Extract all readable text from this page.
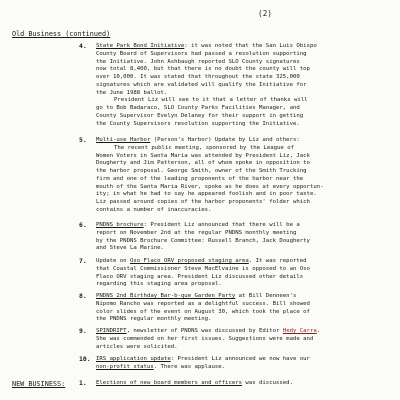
(2)
Old Business (continued)
4. State Park Bond Initiative: it was noted that the San Luis Obispo
County Board of Supervisors had passed a resolution supporting
the Initiative. John Ashbaugh reported SLO County signatures
now total 8,400, but that there is no doubt the county will top
over 10,000. It was stated that throughout the state 325,000
signatures which are validated will qualify the Initiative for
the June 1988 ballot.
President Liz will see to it that a letter of thanks will
go to Bob Badaraco, SLO County Parks Facilities Manager, and
County Supervisor Evelyn Delaney for their support in getting
the County Supervisors resolution supporting the Initiative.
5. Multi-use Harbor (Parson's Harbor) Update by Liz and others:
The recent public meeting, sponsored by the League of
Women Voters in Santa Maria was attended by President Liz, Jack
Dougherty and Jim Patterson, all of whom spoke in opposition to
the harbor proposal. George Smith, owner of the Smith Trucking
firm and one of the leading proponents of the harbor near the
mouth of the Santa Maria River, spoke as he does at every opportun-
ity; in what he had to say he appeared foolish and in poor taste.
Liz passed around copies of the harbor proponents' folder which
contains a number of inaccuracies.
6. PNDNS brochure: President Liz announced that there will be a
report on November 2nd at the regular PNDNS monthly meeting
by the PNDNS Brochure Committee: Russell Branch, Jack Dougherty
and Steve La Marine.
7. Update on Oso Flaco ORV proposed staging area. It was reported
that Coastal Commissioner Steve MacElvaine is opposed to an Oso
Flaco ORV staging area. President Liz discussed other details
regarding this staging area proposal.
8. PNDNS 2nd Birthday Bar-b-que Garden Party at Bill Denneen's
Nipomo Rancho was reported as a delightful success. Bill showed
color slides of the event on August 30, which took the place of
the PNDNS regular monthly meeting.
9. SPINDRIFT, newsletter of PNDNS was discussed by Editor Hedy Carra.
She was commended on her first issues. Suggestions were made and
articles were solicited.
10. IRS application update: President Liz announced we now have our
non-profit status. There was applause.
NEW BUSINESS: 1. Elections of new board members and officers was discussed.
